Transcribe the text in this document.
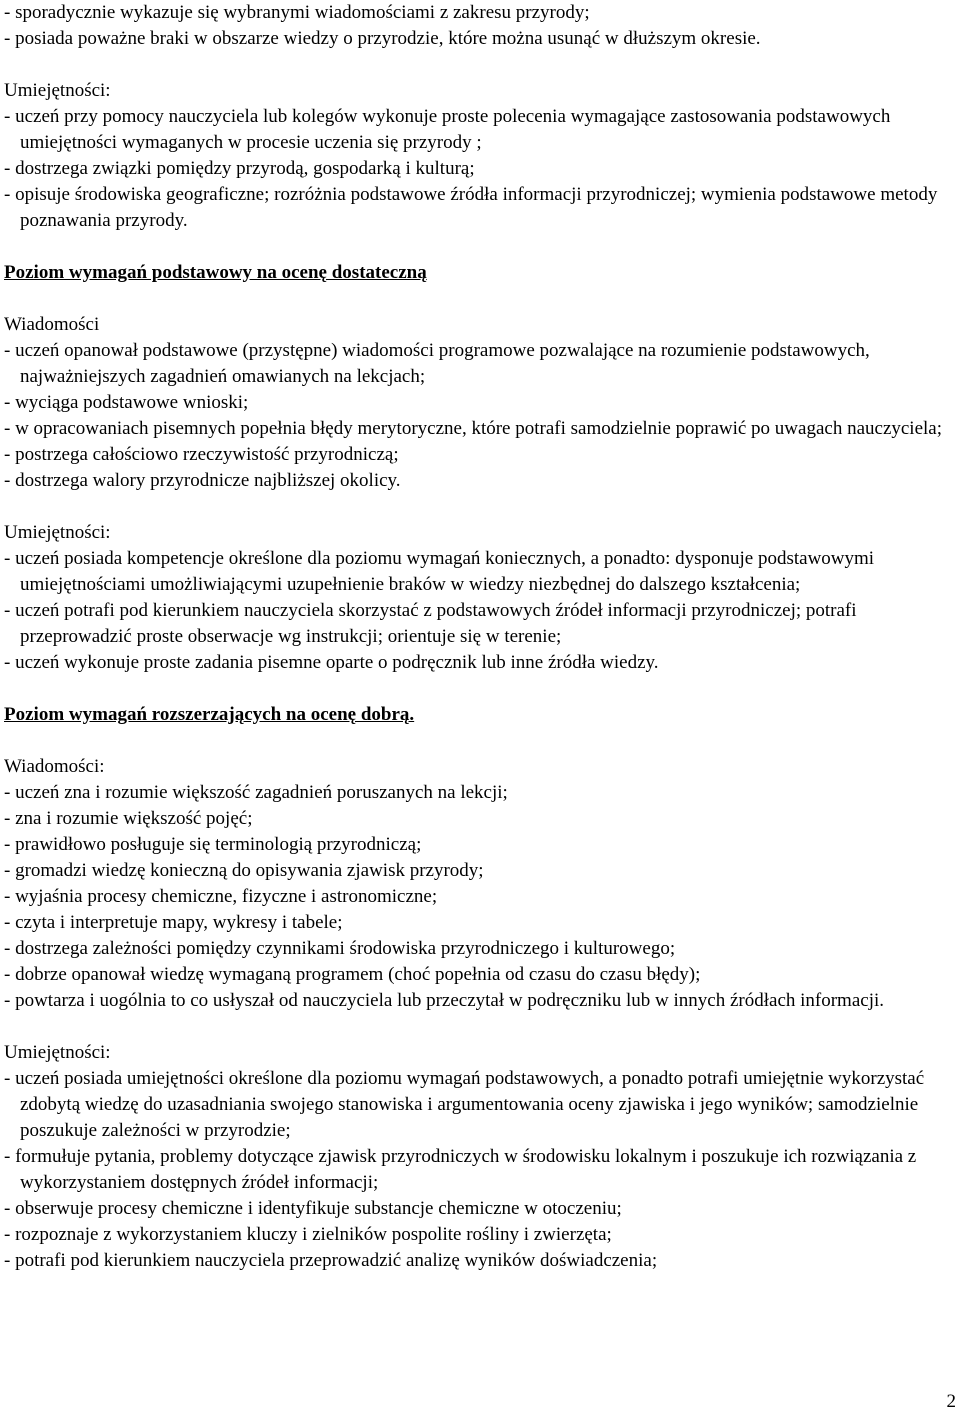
- sporadycznie wykazuje się wybranymi wiadomościami z zakresu przyrody;
- posiada poważne braki w obszarze wiedzy o przyrodzie, które można usunąć w dłuższym okresie.
Umiejętności:
- uczeń przy pomocy nauczyciela lub kolegów wykonuje proste polecenia wymagające zastosowania podstawowych umiejętności wymaganych w procesie uczenia się przyrody ;
- dostrzega związki pomiędzy przyrodą, gospodarką i kulturą;
- opisuje środowiska geograficzne; rozróżnia podstawowe źródła informacji przyrodniczej; wymienia podstawowe metody poznawania przyrody.
Poziom wymagań podstawowy na ocenę dostateczną
Wiadomości
- uczeń opanował podstawowe (przystępne) wiadomości programowe pozwalające na rozumienie podstawowych, najważniejszych zagadnień omawianych na lekcjach;
- wyciąga podstawowe wnioski;
- w opracowaniach pisemnych popełnia błędy merytoryczne, które potrafi samodzielnie poprawić po uwagach nauczyciela;
- postrzega całościowo rzeczywistość przyrodniczą;
- dostrzega walory przyrodnicze najbliższej okolicy.
Umiejętności:
- uczeń posiada kompetencje określone dla poziomu wymagań koniecznych, a ponadto: dysponuje podstawowymi umiejętnościami umożliwiającymi uzupełnienie braków w wiedzy niezbędnej do dalszego kształcenia;
- uczeń potrafi pod kierunkiem nauczyciela skorzystać z podstawowych źródeł informacji przyrodniczej; potrafi przeprowadzić proste obserwacje wg instrukcji; orientuje się w terenie;
- uczeń wykonuje proste zadania pisemne oparte o podręcznik lub inne źródła wiedzy.
Poziom wymagań rozszerzających na ocenę dobrą.
Wiadomości:
- uczeń zna i rozumie większość zagadnień poruszanych na lekcji;
- zna i rozumie większość pojęć;
- prawidłowo posługuje się terminologią przyrodniczą;
- gromadzi wiedzę konieczną do opisywania zjawisk przyrody;
- wyjaśnia procesy chemiczne, fizyczne i astronomiczne;
- czyta i interpretuje mapy, wykresy i tabele;
- dostrzega zależności pomiędzy czynnikami środowiska przyrodniczego i kulturowego;
- dobrze opanował wiedzę wymaganą programem (choć popełnia od czasu do czasu błędy);
- powtarza i uogólnia to co usłyszał od nauczyciela lub przeczytał w podręczniku lub w innych źródłach informacji.
Umiejętności:
- uczeń posiada umiejętności określone dla poziomu wymagań podstawowych, a ponadto potrafi umiejętnie wykorzystać zdobytą wiedzę do uzasadniania swojego stanowiska i argumentowania oceny zjawiska i jego wyników; samodzielnie poszukuje zależności w przyrodzie;
- formułuje pytania, problemy dotyczące zjawisk przyrodniczych w środowisku lokalnym i poszukuje ich rozwiązania z wykorzystaniem dostępnych źródeł informacji;
- obserwuje procesy chemiczne i identyfikuje substancje chemiczne w otoczeniu;
- rozpoznaje z wykorzystaniem kluczy i zielników pospolite rośliny i zwierzęta;
- potrafi pod kierunkiem nauczyciela przeprowadzić analizę wyników doświadczenia;
2
